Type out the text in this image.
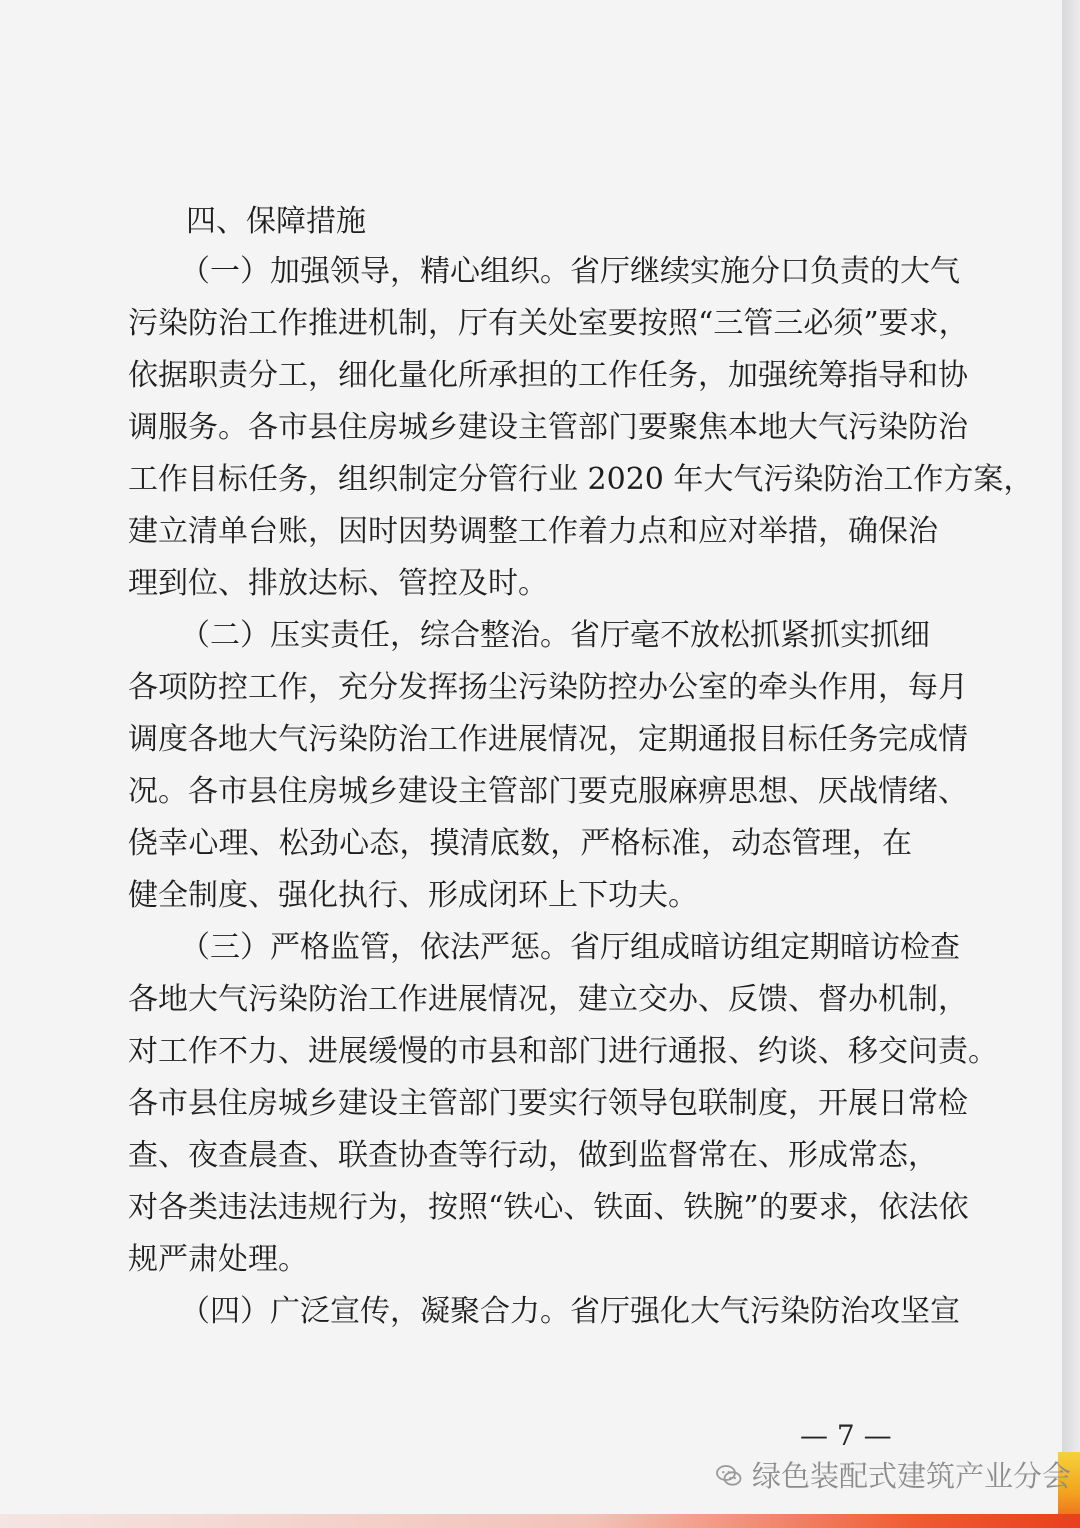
四、保障措施

（一）加强领导，精心组织。省厅继续实施分口负责的大气

污染防治工作推进机制，厅有关处室要按照“三管三必须”要求，

依据职责分工，细化量化所承担的工作任务，加强统筹指导和协

调服务。各市县住房城乡建设主管部门要聚焦本地大气污染防治

工作目标任务，组织制定分管行业 2020 年大气污染防治工作方案，

建立清单台账，因时因势调整工作着力点和应对举措，确保治

理到位、排放达标、管控及时。

（二）压实责任，综合整治。省厅毫不放松抓紧抓实抓细

各项防控工作，充分发挥扬尘污染防控办公室的牵头作用，每月

调度各地大气污染防治工作进展情况，定期通报目标任务完成情

况。各市县住房城乡建设主管部门要克服麻痹思想、厌战情绪、

侥幸心理、松劲心态，摸清底数，严格标准，动态管理，在

健全制度、强化执行、形成闭环上下功夫。

（三）严格监管，依法严惩。省厅组成暗访组定期暗访检查

各地大气污染防治工作进展情况，建立交办、反馈、督办机制，

对工作不力、进展缓慢的市县和部门进行通报、约谈、移交问责。

各市县住房城乡建设主管部门要实行领导包联制度，开展日常检

查、夜查晨查、联查协查等行动，做到监督常在、形成常态，

对各类违法违规行为，按照“铁心、铁面、铁腕”的要求，依法依

规严肃处理。

（四）广泛宣传，凝聚合力。省厅强化大气污染防治攻坚宣

— 7 —
绿色装配式建筑产业分会
